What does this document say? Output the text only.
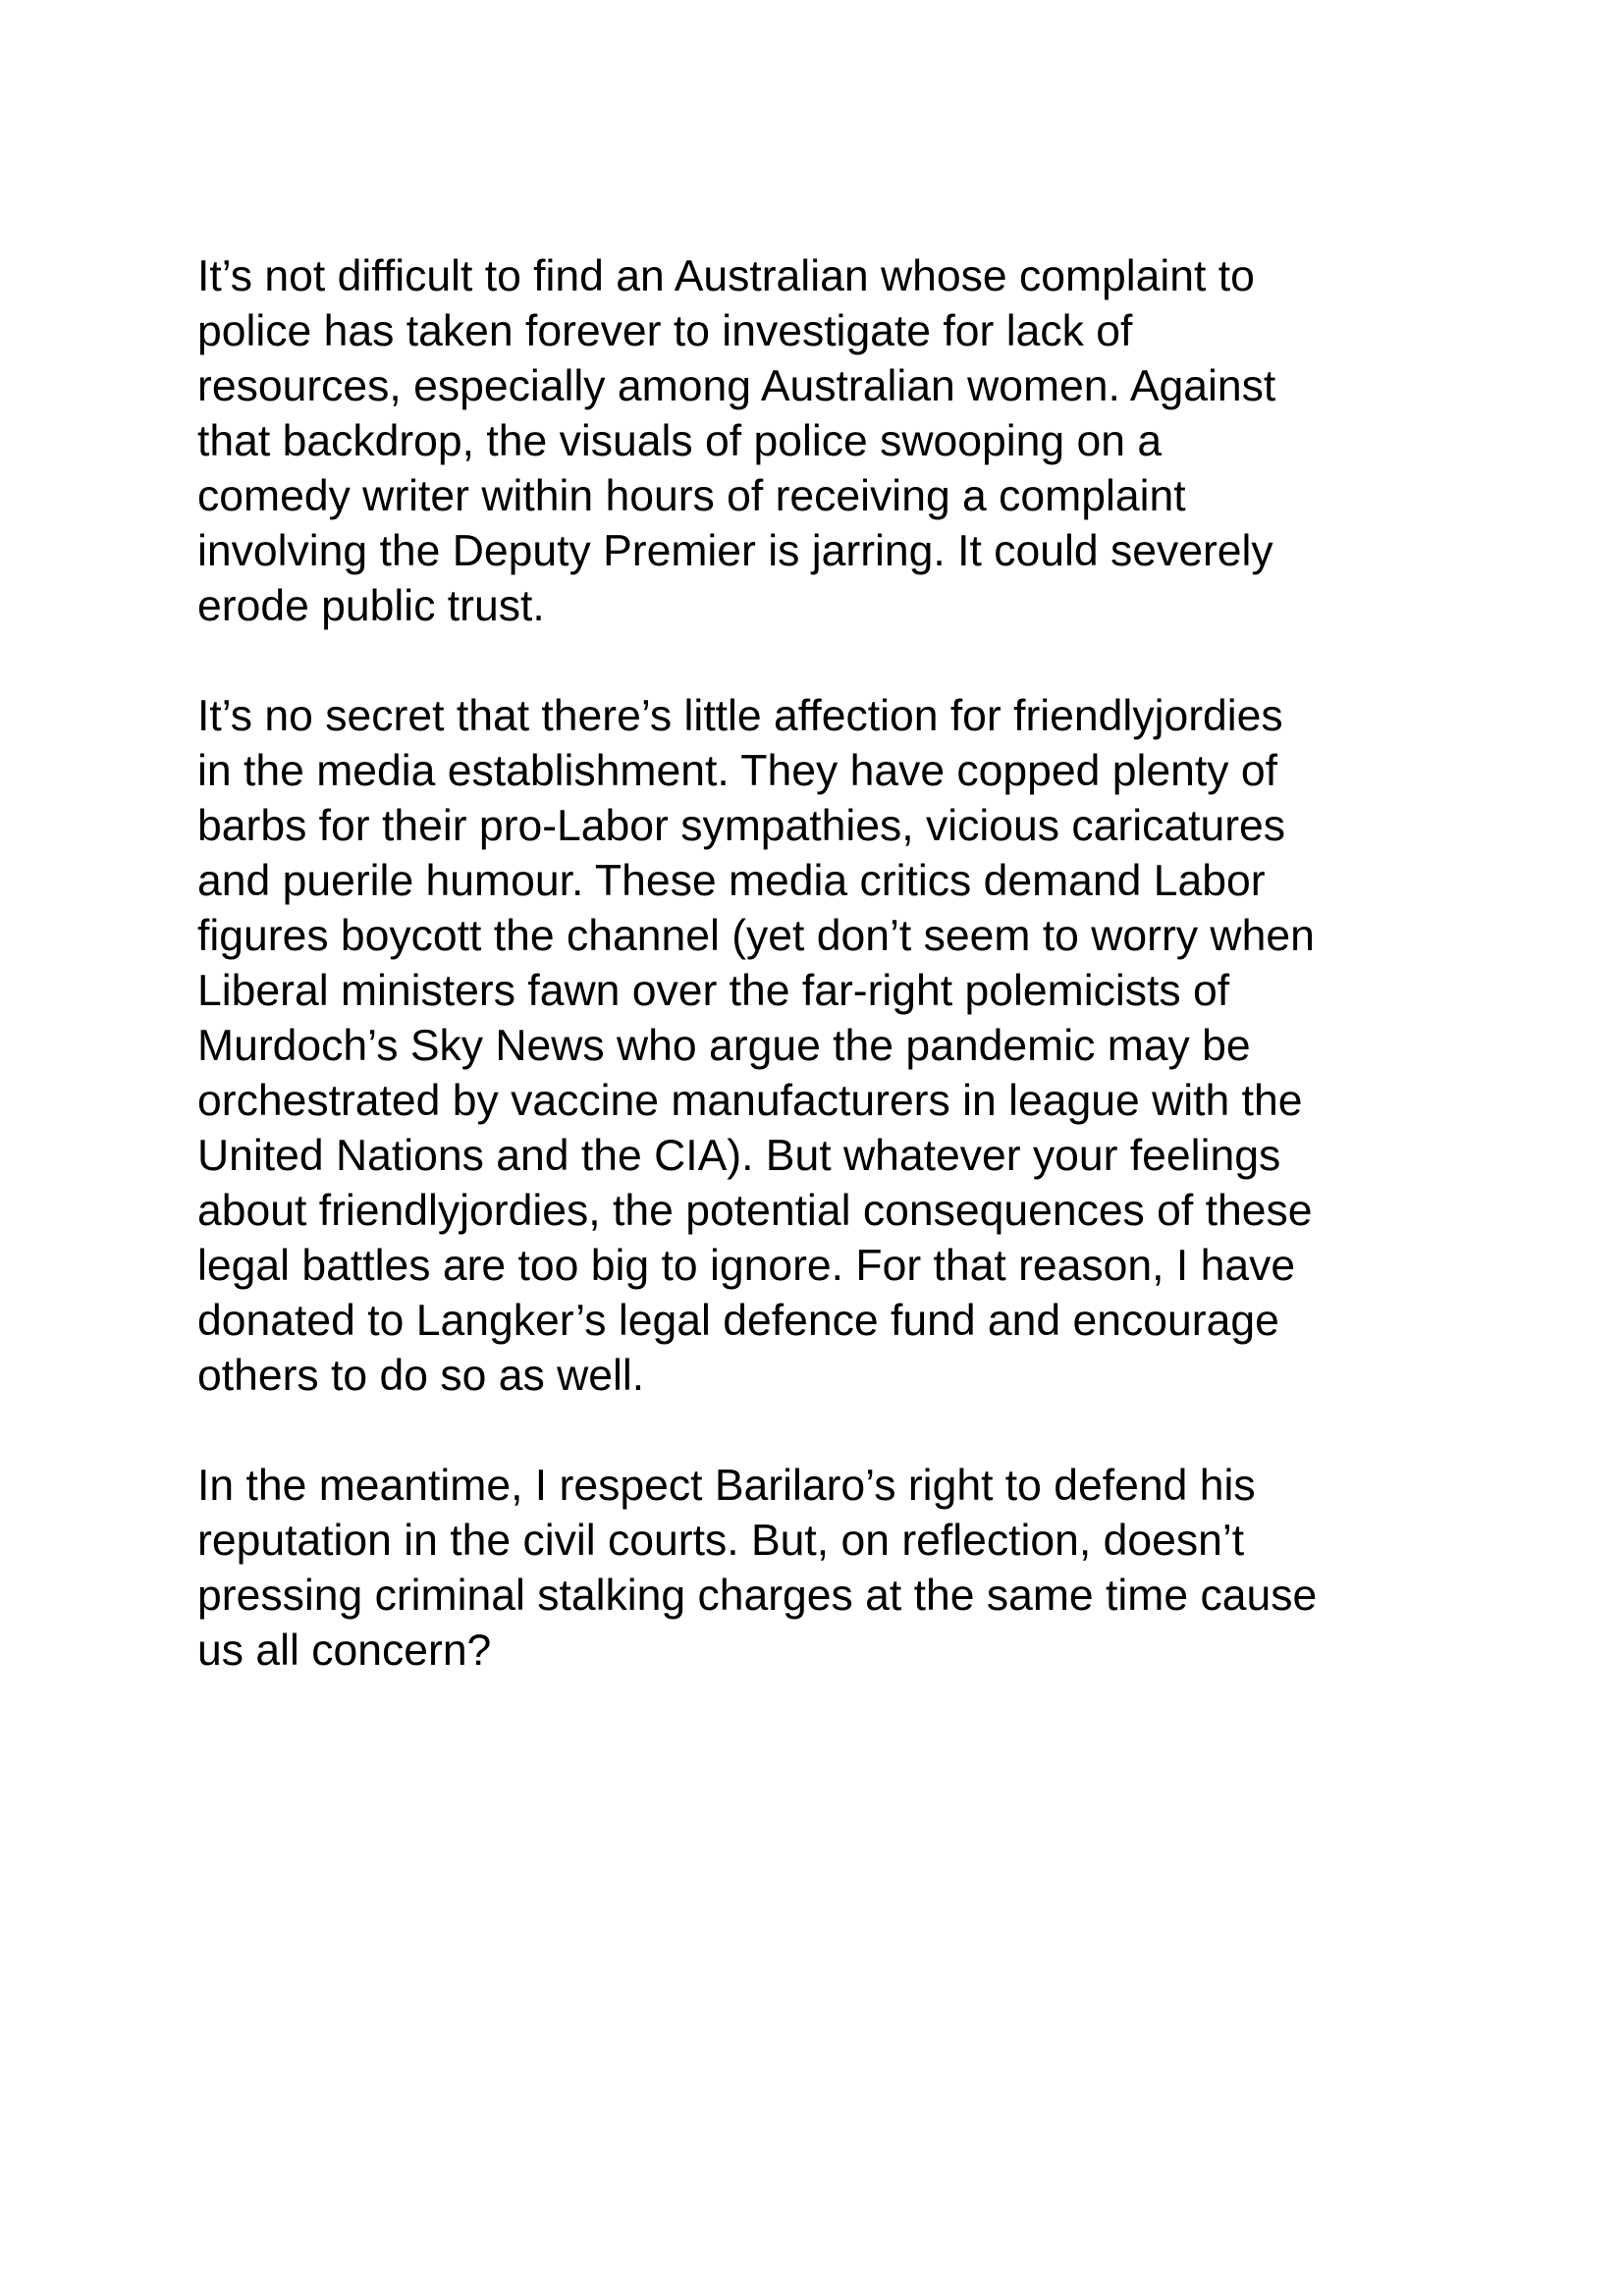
It’s not difficult to find an Australian whose complaint to
police has taken forever to investigate for lack of
resources, especially among Australian women. Against
that backdrop, the visuals of police swooping on a
comedy writer within hours of receiving a complaint
involving the Deputy Premier is jarring. It could severely
erode public trust.

It’s no secret that there’s little affection for friendlyjordies
in the media establishment. They have copped plenty of
barbs for their pro-Labor sympathies, vicious caricatures
and puerile humour. These media critics demand Labor
figures boycott the channel (yet don’t seem to worry when
Liberal ministers fawn over the far-right polemicists of
Murdoch’s Sky News who argue the pandemic may be
orchestrated by vaccine manufacturers in league with the
United Nations and the CIA). But whatever your feelings
about friendlyjordies, the potential consequences of these
legal battles are too big to ignore. For that reason, I have
donated to Langker’s legal defence fund and encourage
others to do so as well.

In the meantime, I respect Barilaro’s right to defend his
reputation in the civil courts. But, on reflection, doesn’t
pressing criminal stalking charges at the same time cause
us all concern?
